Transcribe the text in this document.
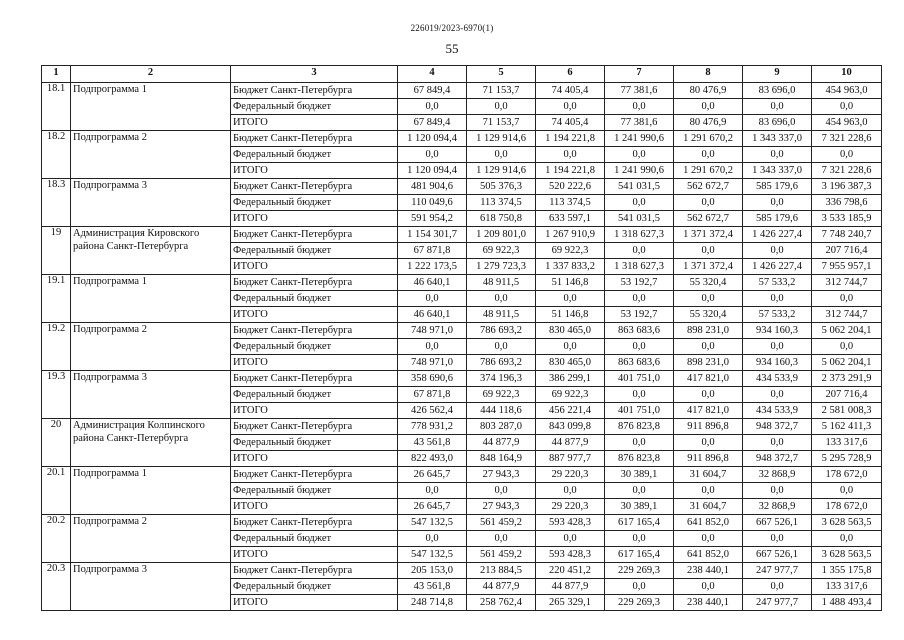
226019/2023-6970(1)
55
1	2	3	4	5	6	7	8	9	10
18.1	Подпрограмма 1	Бюджет Санкт-Петербурга	67 849,4	71 153,7	74 405,4	77 381,6	80 476,9	83 696,0	454 963,0
		Федеральный бюджет	0,0	0,0	0,0	0,0	0,0	0,0	0,0
		ИТОГО	67 849,4	71 153,7	74 405,4	77 381,6	80 476,9	83 696,0	454 963,0
18.2	Подпрограмма 2	Бюджет Санкт-Петербурга	1 120 094,4	1 129 914,6	1 194 221,8	1 241 990,6	1 291 670,2	1 343 337,0	7 321 228,6
		Федеральный бюджет	0,0	0,0	0,0	0,0	0,0	0,0	0,0
		ИТОГО	1 120 094,4	1 129 914,6	1 194 221,8	1 241 990,6	1 291 670,2	1 343 337,0	7 321 228,6
18.3	Подпрограмма 3	Бюджет Санкт-Петербурга	481 904,6	505 376,3	520 222,6	541 031,5	562 672,7	585 179,6	3 196 387,3
		Федеральный бюджет	110 049,6	113 374,5	113 374,5	0,0	0,0	0,0	336 798,6
		ИТОГО	591 954,2	618 750,8	633 597,1	541 031,5	562 672,7	585 179,6	3 533 185,9
19	Администрация Кировского района Санкт-Петербурга	Бюджет Санкт-Петербурга	1 154 301,7	1 209 801,0	1 267 910,9	1 318 627,3	1 371 372,4	1 426 227,4	7 748 240,7
		Федеральный бюджет	67 871,8	69 922,3	69 922,3	0,0	0,0	0,0	207 716,4
		ИТОГО	1 222 173,5	1 279 723,3	1 337 833,2	1 318 627,3	1 371 372,4	1 426 227,4	7 955 957,1
19.1	Подпрограмма 1	Бюджет Санкт-Петербурга	46 640,1	48 911,5	51 146,8	53 192,7	55 320,4	57 533,2	312 744,7
		Федеральный бюджет	0,0	0,0	0,0	0,0	0,0	0,0	0,0
		ИТОГО	46 640,1	48 911,5	51 146,8	53 192,7	55 320,4	57 533,2	312 744,7
19.2	Подпрограмма 2	Бюджет Санкт-Петербурга	748 971,0	786 693,2	830 465,0	863 683,6	898 231,0	934 160,3	5 062 204,1
		Федеральный бюджет	0,0	0,0	0,0	0,0	0,0	0,0	0,0
		ИТОГО	748 971,0	786 693,2	830 465,0	863 683,6	898 231,0	934 160,3	5 062 204,1
19.3	Подпрограмма 3	Бюджет Санкт-Петербурга	358 690,6	374 196,3	386 299,1	401 751,0	417 821,0	434 533,9	2 373 291,9
		Федеральный бюджет	67 871,8	69 922,3	69 922,3	0,0	0,0	0,0	207 716,4
		ИТОГО	426 562,4	444 118,6	456 221,4	401 751,0	417 821,0	434 533,9	2 581 008,3
20	Администрация Колпинского района Санкт-Петербурга	Бюджет Санкт-Петербурга	778 931,2	803 287,0	843 099,8	876 823,8	911 896,8	948 372,7	5 162 411,3
		Федеральный бюджет	43 561,8	44 877,9	44 877,9	0,0	0,0	0,0	133 317,6
		ИТОГО	822 493,0	848 164,9	887 977,7	876 823,8	911 896,8	948 372,7	5 295 728,9
20.1	Подпрограмма 1	Бюджет Санкт-Петербурга	26 645,7	27 943,3	29 220,3	30 389,1	31 604,7	32 868,9	178 672,0
		Федеральный бюджет	0,0	0,0	0,0	0,0	0,0	0,0	0,0
		ИТОГО	26 645,7	27 943,3	29 220,3	30 389,1	31 604,7	32 868,9	178 672,0
20.2	Подпрограмма 2	Бюджет Санкт-Петербурга	547 132,5	561 459,2	593 428,3	617 165,4	641 852,0	667 526,1	3 628 563,5
		Федеральный бюджет	0,0	0,0	0,0	0,0	0,0	0,0	0,0
		ИТОГО	547 132,5	561 459,2	593 428,3	617 165,4	641 852,0	667 526,1	3 628 563,5
20.3	Подпрограмма 3	Бюджет Санкт-Петербурга	205 153,0	213 884,5	220 451,2	229 269,3	238 440,1	247 977,7	1 355 175,8
		Федеральный бюджет	43 561,8	44 877,9	44 877,9	0,0	0,0	0,0	133 317,6
		ИТОГО	248 714,8	258 762,4	265 329,1	229 269,3	238 440,1	247 977,7	1 488 493,4
